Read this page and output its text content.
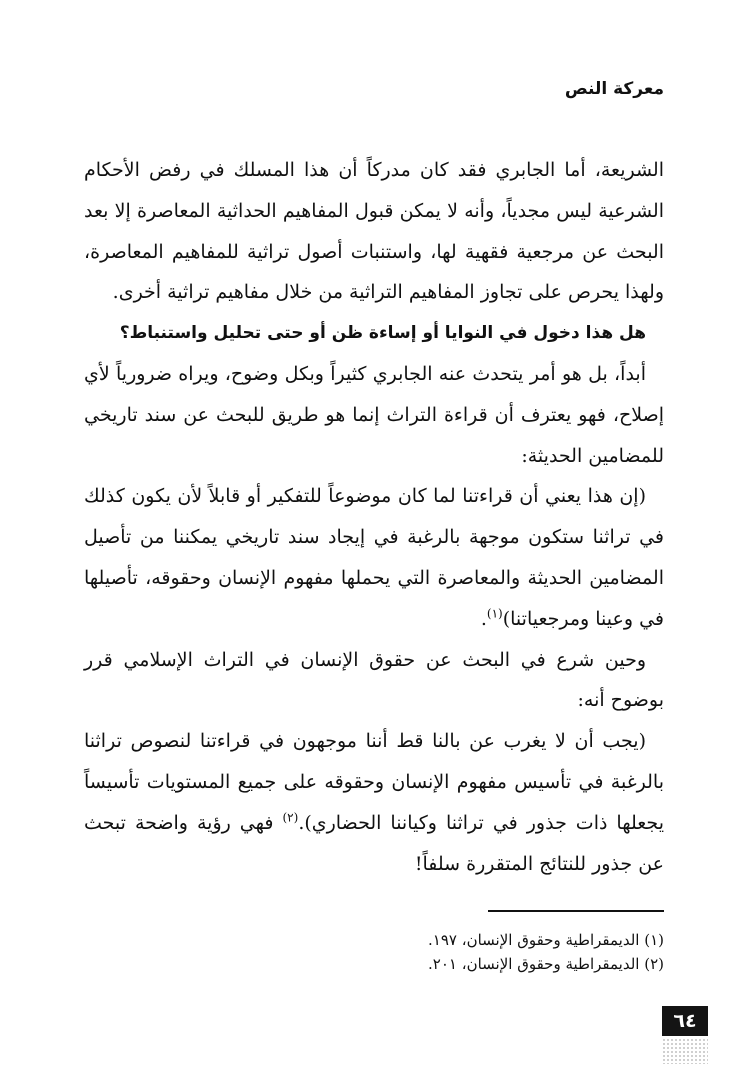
معركة النص

الشريعة، أما الجابري فقد كان مدركاً أن هذا المسلك في رفض الأحكام الشرعية ليس مجدياً، وأنه لا يمكن قبول المفاهيم الحداثية المعاصرة إلا بعد البحث عن مرجعية فقهية لها، واستنبات أصول تراثية للمفاهيم المعاصرة، ولهذا يحرص على تجاوز المفاهيم التراثية من خلال مفاهيم تراثية أخرى.

هل هذا دخول في النوايا أو إساءة ظن أو حتى تحليل واستنباط؟

أبداً، بل هو أمر يتحدث عنه الجابري كثيراً وبكل وضوح، ويراه ضرورياً لأي إصلاح، فهو يعترف أن قراءة التراث إنما هو طريق للبحث عن سند تاريخي للمضامين الحديثة:

(إن هذا يعني أن قراءتنا لما كان موضوعاً للتفكير أو قابلاً لأن يكون كذلك في تراثنا ستكون موجهة بالرغبة في إيجاد سند تاريخي يمكننا من تأصيل المضامين الحديثة والمعاصرة التي يحملها مفهوم الإنسان وحقوقه، تأصيلها في وعينا ومرجعياتنا)$^{(١)}$.

وحين شرع في البحث عن حقوق الإنسان في التراث الإسلامي قرر بوضوح أنه:

(يجب أن لا يغرب عن بالنا قط أننا موجهون في قراءتنا لنصوص تراثنا بالرغبة في تأسيس مفهوم الإنسان وحقوقه على جميع المستويات تأسيساً يجعلها ذات جذور في تراثنا وكياننا الحضاري).$^{(٢)}$ فهي رؤية واضحة تبحث عن جذور للنتائج المتقررة سلفاً!

(١) الديمقراطية وحقوق الإنسان، ١٩٧.
(٢) الديمقراطية وحقوق الإنسان، ٢٠١.
٦٤
